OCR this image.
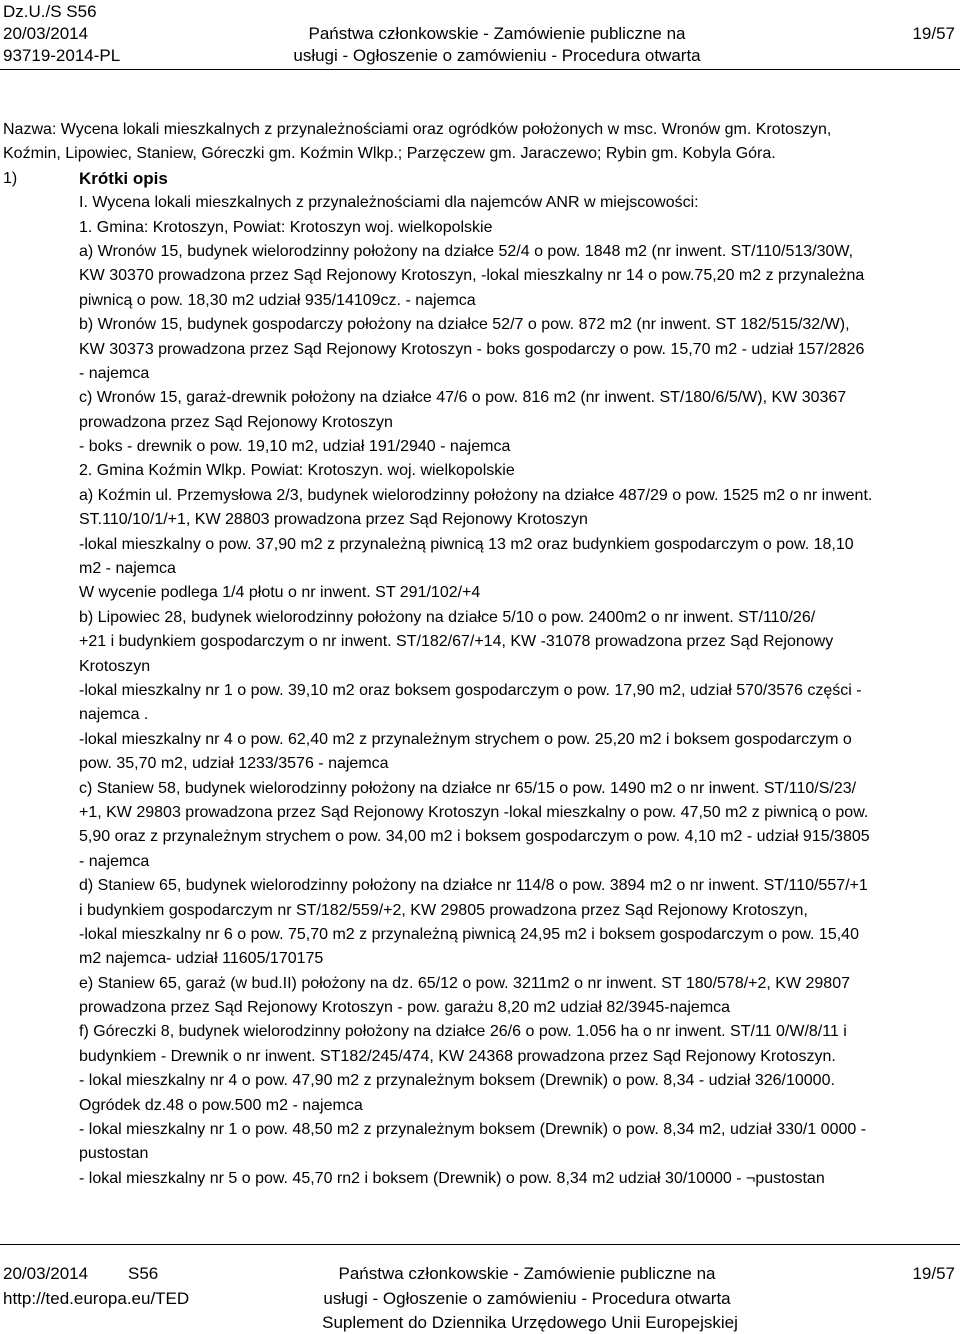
Dz.U./S S56
20/03/2014
93719-2014-PL
Państwa członkowskie - Zamówienie publiczne na
usługi - Ogłoszenie o zamówieniu - Procedura otwarta
19/57
Nazwa: Wycena lokali mieszkalnych z przynależnościami oraz ogródków położonych w msc. Wronów gm. Krotoszyn,
Koźmin, Lipowiec, Staniew, Góreczki gm. Koźmin Wlkp.; Parzęczew gm. Jaraczewo; Rybin gm. Kobyla Góra.
1)	Krótki opis
I. Wycena lokali mieszkalnych z przynależnościami dla najemców ANR w miejscowości:
1. Gmina: Krotoszyn, Powiat: Krotoszyn woj. wielkopolskie
a) Wronów 15, budynek wielorodzinny położony na działce 52/4 o pow. 1848 m2 (nr inwent. ST/110/513/30W,
KW 30370 prowadzona przez Sąd Rejonowy Krotoszyn, -lokal mieszkalny nr 14 o pow.75,20 m2 z przynależna
piwnicą o pow. 18,30 m2 udział 935/14109cz. - najemca
b) Wronów 15, budynek gospodarczy położony na działce 52/7 o pow. 872 m2 (nr inwent. ST 182/515/32/W),
KW 30373 prowadzona przez Sąd Rejonowy Krotoszyn - boks gospodarczy o pow. 15,70 m2 - udział 157/2826
- najemca
c) Wronów 15, garaż-drewnik położony na działce 47/6 o pow. 816 m2 (nr inwent. ST/180/6/5/W), KW 30367
prowadzona przez Sąd Rejonowy Krotoszyn
- boks - drewnik o pow. 19,10 m2, udział 191/2940 - najemca
2. Gmina Koźmin Wlkp. Powiat: Krotoszyn. woj. wielkopolskie
a) Koźmin ul. Przemysłowa 2/3, budynek wielorodzinny położony na działce 487/29 o pow. 1525 m2 o nr inwent.
ST.110/10/1/+1, KW 28803 prowadzona przez Sąd Rejonowy Krotoszyn
-lokal mieszkalny o pow. 37,90 m2 z przynależną piwnicą 13 m2 oraz budynkiem gospodarczym o pow. 18,10
m2 - najemca
W wycenie podlega 1/4 płotu o nr inwent. ST 291/102/+4
b) Lipowiec 28, budynek wielorodzinny położony na działce 5/10 o pow. 2400m2 o nr inwent. ST/110/26/
+21 i budynkiem gospodarczym o nr inwent. ST/182/67/+14, KW -31078 prowadzona przez Sąd Rejonowy
Krotoszyn
-lokal mieszkalny nr 1 o pow. 39,10 m2 oraz boksem gospodarczym o pow. 17,90 m2, udział 570/3576 części -
najemca .
-lokal mieszkalny nr 4 o pow. 62,40 m2 z przynależnym strychem o pow. 25,20 m2 i boksem gospodarczym o
pow. 35,70 m2, udział 1233/3576 - najemca
c) Staniew 58, budynek wielorodzinny położony na działce nr 65/15 o pow. 1490 m2 o nr inwent. ST/110/S/23/
+1, KW 29803 prowadzona przez Sąd Rejonowy Krotoszyn -lokal mieszkalny o pow. 47,50 m2 z piwnicą o pow.
5,90 oraz z przynależnym strychem o pow. 34,00 m2 i boksem gospodarczym o pow. 4,10 m2 - udział 915/3805
- najemca
d) Staniew 65, budynek wielorodzinny położony na działce nr 114/8 o pow. 3894 m2 o nr inwent. ST/110/557/+1
i budynkiem gospodarczym nr ST/182/559/+2, KW 29805 prowadzona przez Sąd Rejonowy Krotoszyn,
-lokal mieszkalny nr 6 o pow. 75,70 m2 z przynależną piwnicą 24,95 m2 i boksem gospodarczym o pow. 15,40
m2 najemca- udział 11605/170175
e) Staniew 65, garaż (w bud.II) położony na dz. 65/12 o pow. 3211m2 o nr inwent. ST 180/578/+2, KW 29807
prowadzona przez Sąd Rejonowy Krotoszyn - pow. garażu 8,20 m2 udział 82/3945-najemca
f) Góreczki 8, budynek wielorodzinny położony na działce 26/6 o pow. 1.056 ha o nr inwent. ST/11 0/W/8/11 i
budynkiem - Drewnik o nr inwent. ST182/245/474, KW 24368 prowadzona przez Sąd Rejonowy Krotoszyn.
- lokal mieszkalny nr 4 o pow. 47,90 m2 z przynależnym boksem (Drewnik) o pow. 8,34 - udział 326/10000.
Ogródek dz.48 o pow.500 m2 - najemca
- lokal mieszkalny nr 1 o pow. 48,50 m2 z przynależnym boksem (Drewnik) o pow. 8,34 m2, udział 330/1 0000 -
pustostan
- lokal mieszkalny nr 5 o pow. 45,70 rn2 i boksem (Drewnik) o pow. 8,34 m2 udział 30/10000 - ¬pustostan
20/03/2014 S56
http://ted.europa.eu/TED
Państwa członkowskie - Zamówienie publiczne na
usługi - Ogłoszenie o zamówieniu - Procedura otwarta
Suplement do Dziennika Urzędowego Unii Europejskiej
19/57
